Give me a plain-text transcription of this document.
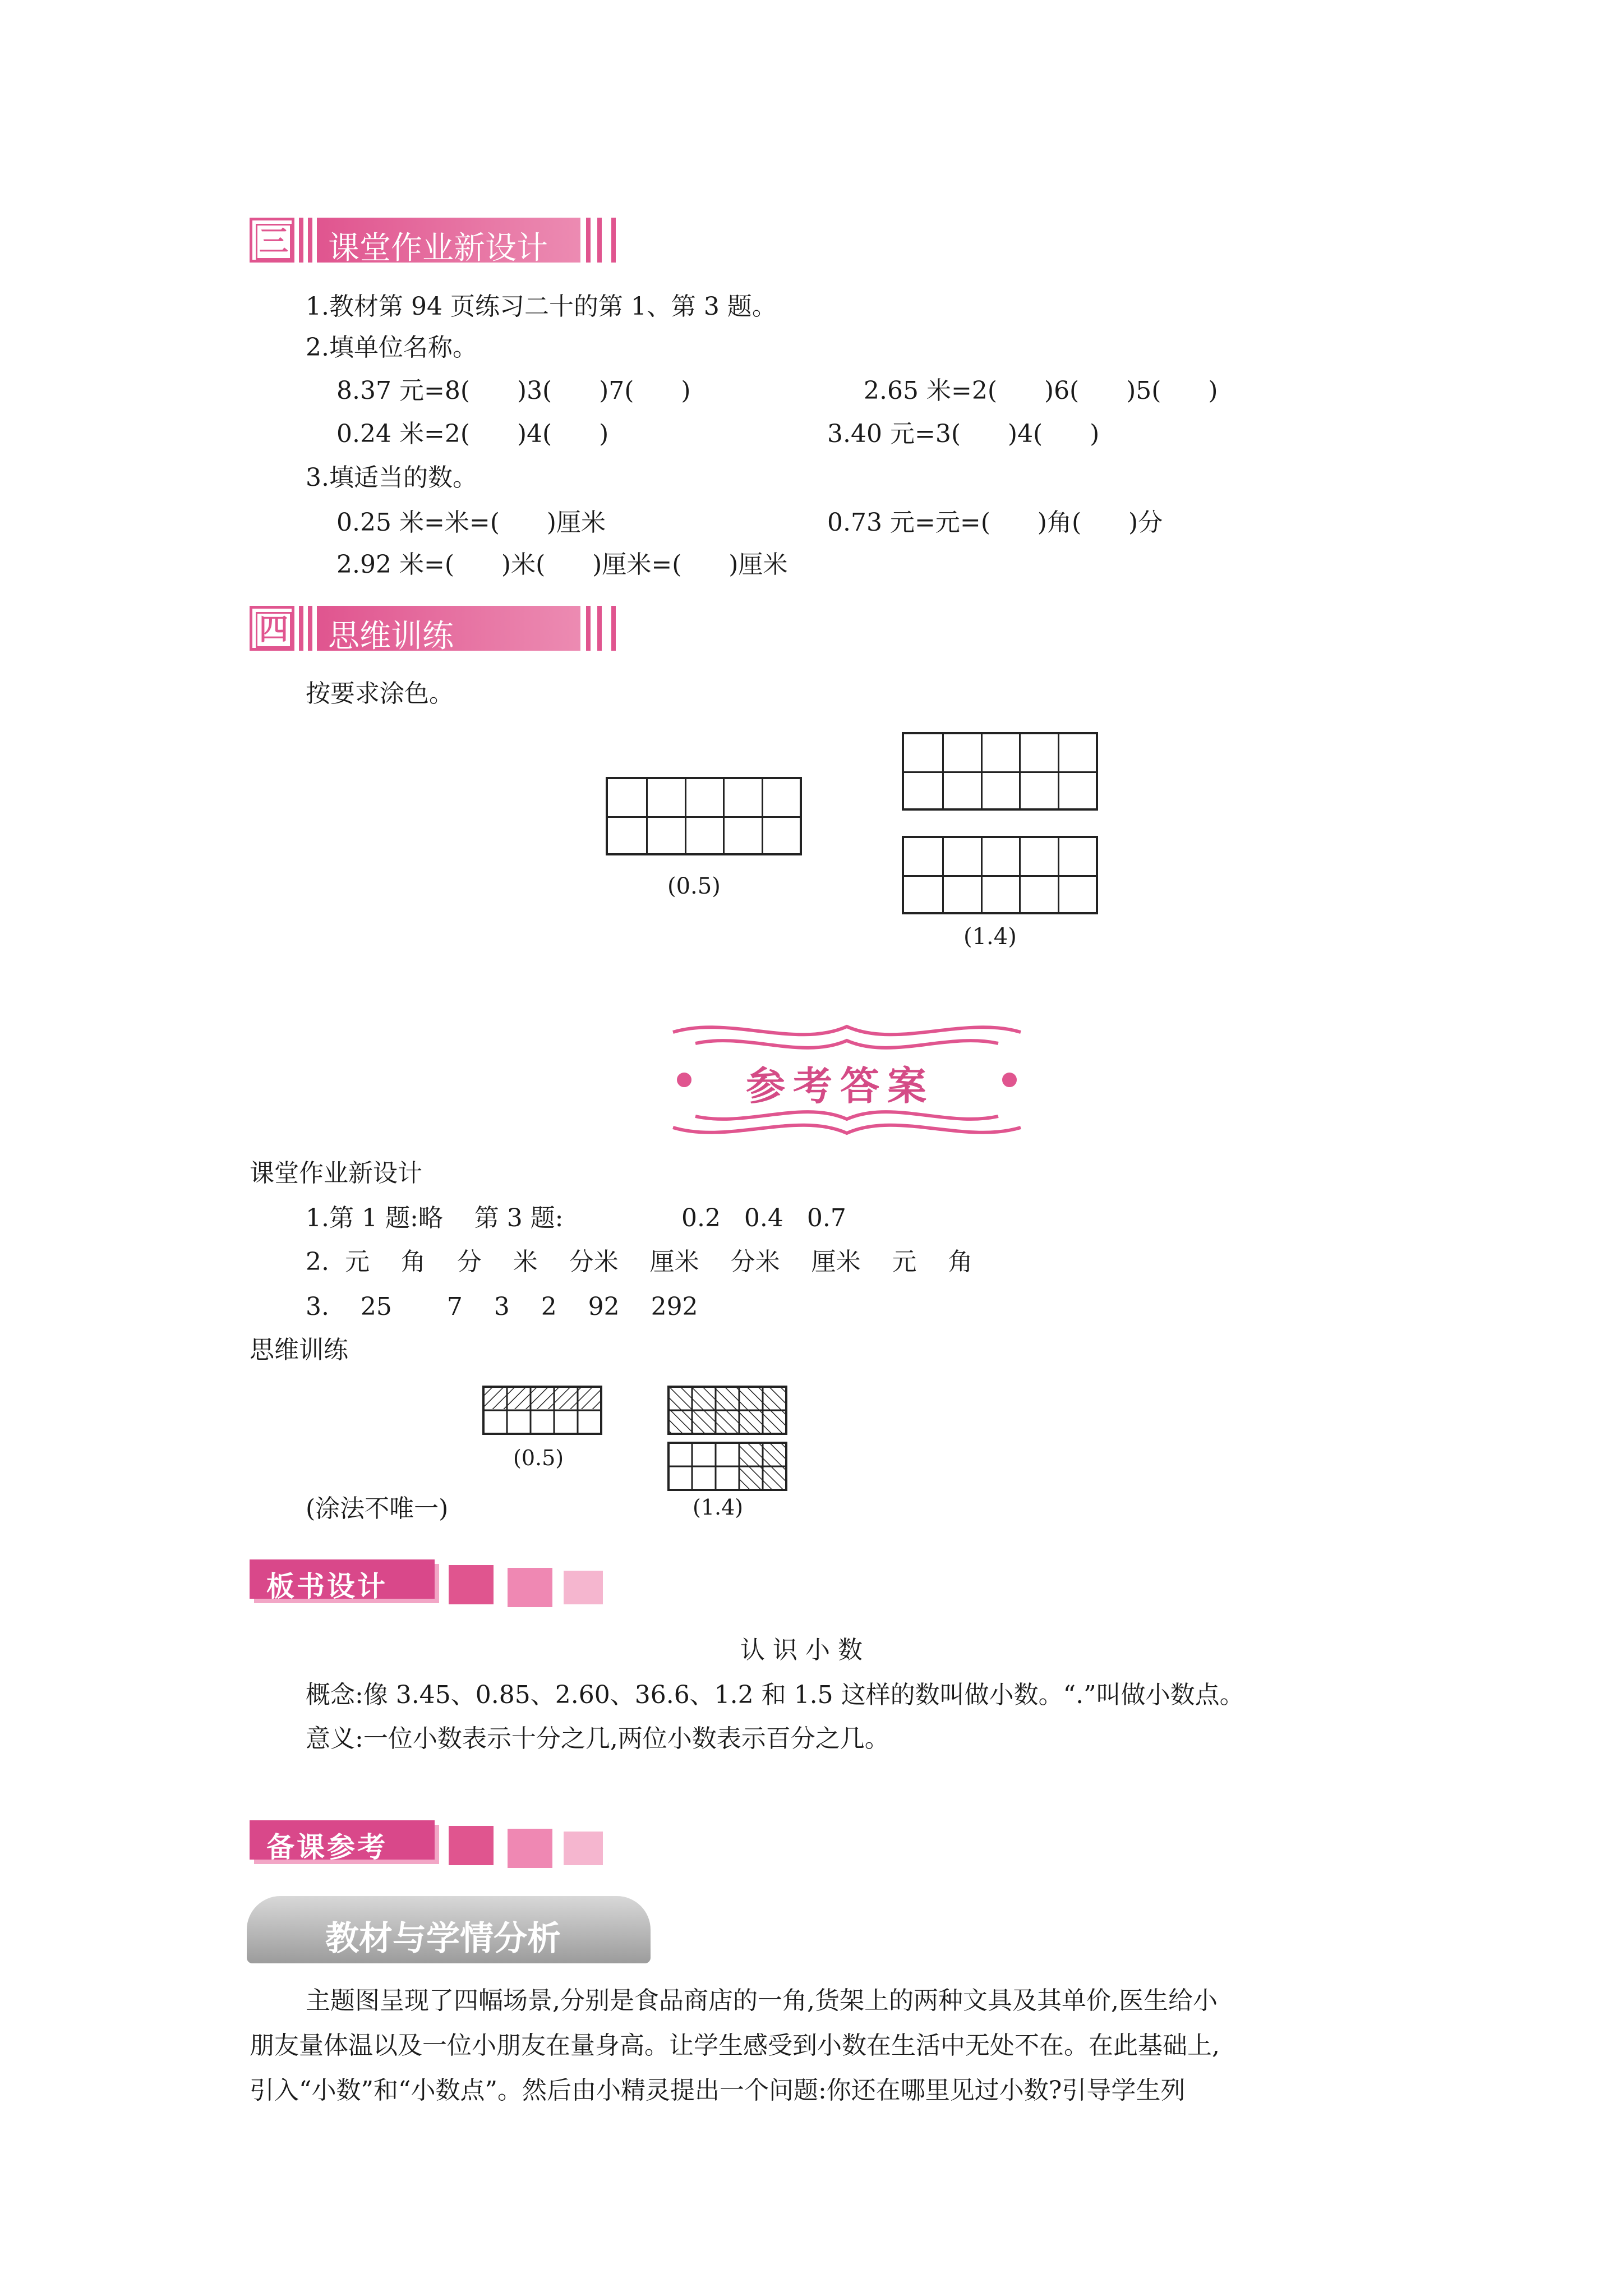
三 课堂作业新设计
1.教材第 94 页练习二十的第 1、第 3 题。
2.填单位名称。
8.37 元=8(      )3(      )7(      )	2.65 米=2(      )6(      )5(      )
0.24 米=2(      )4(      )	3.40 元=3(      )4(      )
3.填适当的数。
0.25 米=米=(      )厘米	0.73 元=元=(      )角(      )分
2.92 米=(      )米(      )厘米=(      )厘米
四 思维训练
按要求涂色。
(0.5)
(1.4)
参考答案
课堂作业新设计
1.第 1 题:略    第 3 题:	0.2   0.4   0.7
2.  元    角    分    米    分米    厘米    分米    厘米    元    角
3.    25       7    3    2    92    292
思维训练
(0.5)
(1.4)
(涂法不唯一)
板书设计
认 识 小 数
概念:像 3.45、0.85、2.60、36.6、1.2 和 1.5 这样的数叫做小数。“.”叫做小数点。
意义:一位小数表示十分之几,两位小数表示百分之几。
备课参考
教材与学情分析
主题图呈现了四幅场景,分别是食品商店的一角,货架上的两种文具及其单价,医生给小
朋友量体温以及一位小朋友在量身高。让学生感受到小数在生活中无处不在。在此基础上,
引入“小数”和“小数点”。然后由小精灵提出一个问题:你还在哪里见过小数?引导学生列
